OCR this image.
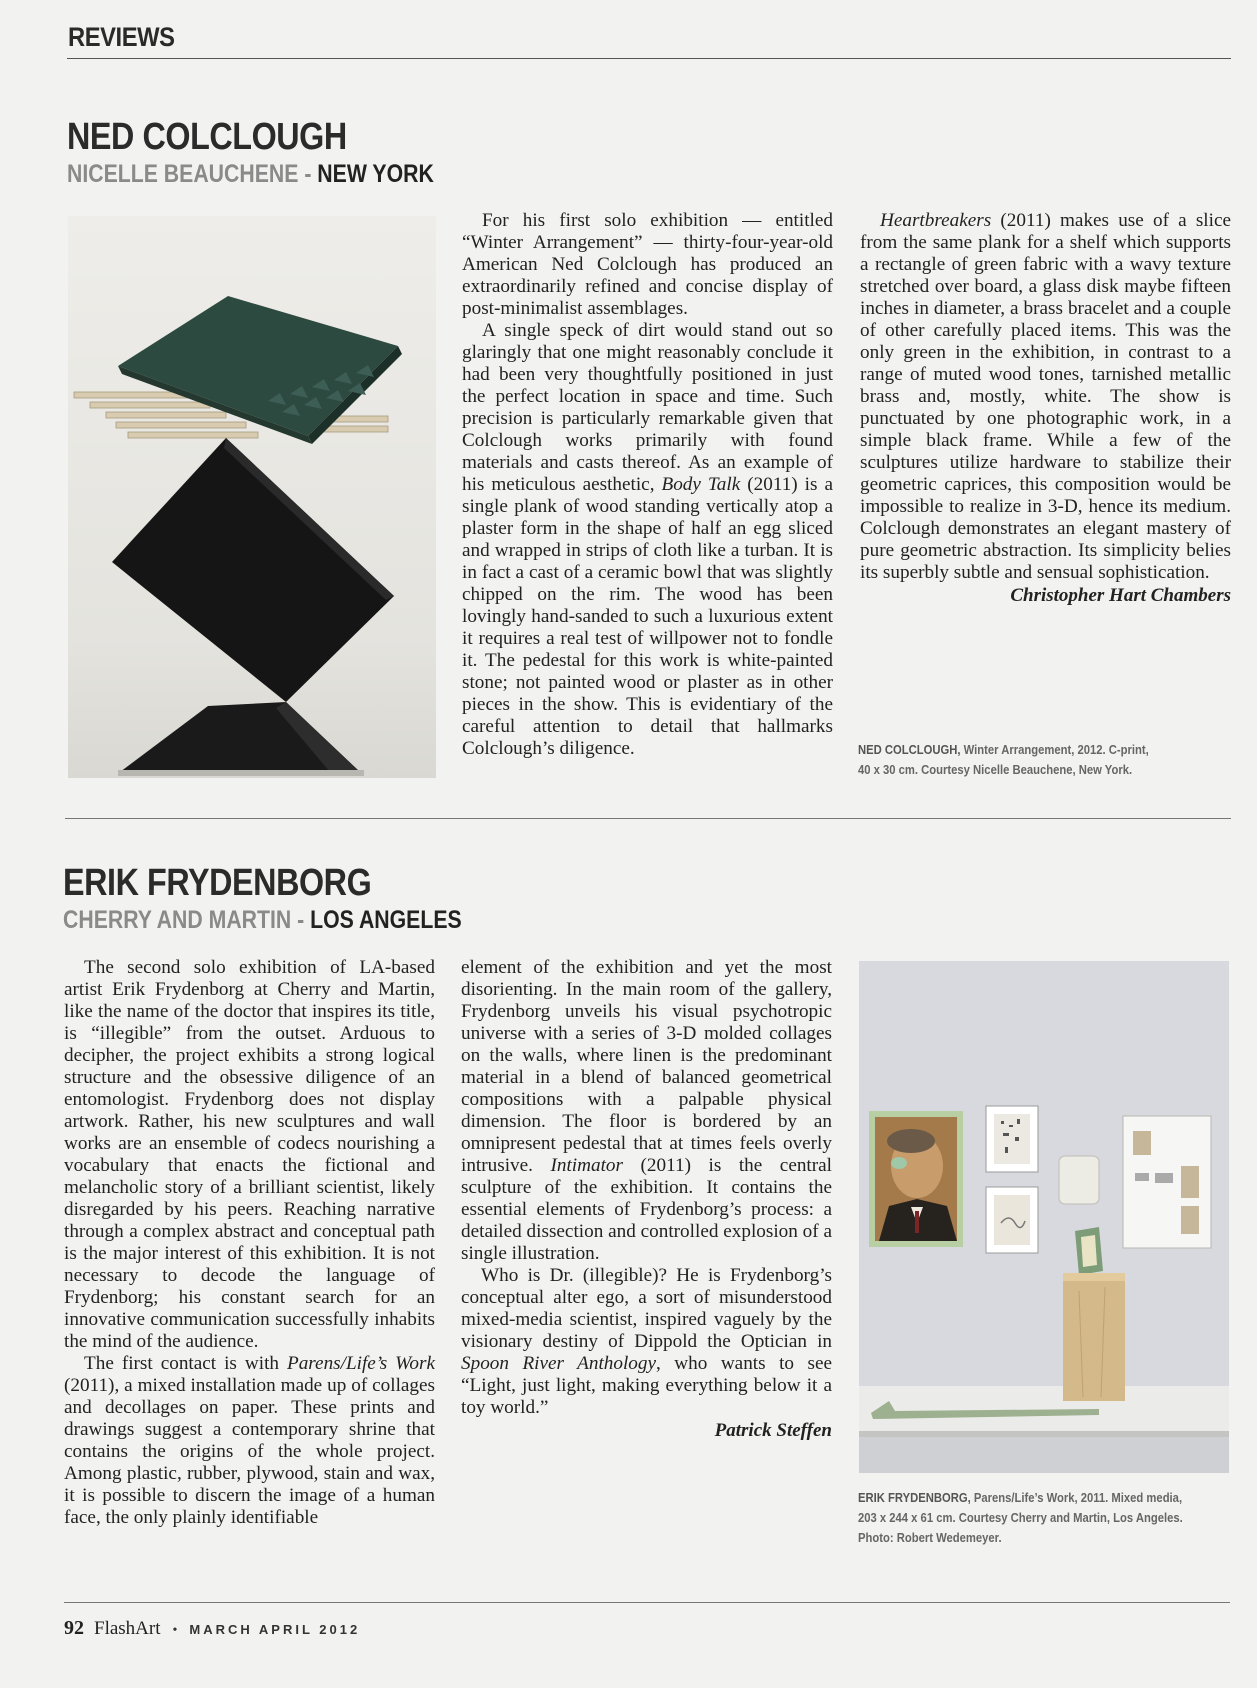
REVIEWS
NED COLCLOUGH
NICELLE BEAUCHENE - NEW YORK

For his first solo exhibition — entitled “Winter Arrangement” — thirty-four-year-old American Ned Colclough has produced an extraordinarily refined and concise display of post-minimalist assemblages.

A single speck of dirt would stand out so glaringly that one might reasonably conclude it had been very thoughtfully positioned in just the perfect location in space and time. Such precision is particularly remarkable given that Colclough works primarily with found materials and casts thereof. As an example of his meticulous aesthetic, Body Talk (2011) is a single plank of wood standing vertically atop a plaster form in the shape of half an egg sliced and wrapped in strips of cloth like a turban. It is in fact a cast of a ceramic bowl that was slightly chipped on the rim. The wood has been lovingly hand-sanded to such a luxurious extent it requires a real test of willpower not to fondle it. The pedestal for this work is white-painted stone; not painted wood or plaster as in other pieces in the show. This is evidentiary of the careful attention to detail that hallmarks Colclough’s diligence.

Heartbreakers (2011) makes use of a slice from the same plank for a shelf which supports a rectangle of green fabric with a wavy texture stretched over board, a glass disk maybe fifteen inches in diameter, a brass bracelet and a couple of other carefully placed items. This was the only green in the exhibition, in contrast to a range of muted wood tones, tarnished metallic brass and, mostly, white. The show is punctuated by one photographic work, in a simple black frame. While a few of the sculptures utilize hardware to stabilize their geometric caprices, this composition would be impossible to realize in 3-D, hence its medium. Colclough demonstrates an elegant mastery of pure geometric abstraction. Its simplicity belies its superbly subtle and sensual sophistication.

Christopher Hart Chambers
NED COLCLOUGH, Winter Arrangement, 2012. C-print,
40 x 30 cm. Courtesy Nicelle Beauchene, New York.
ERIK FRYDENBORG
CHERRY AND MARTIN - LOS ANGELES

The second solo exhibition of LA-based artist Erik Frydenborg at Cherry and Martin, like the name of the doctor that inspires its title, is “illegible” from the outset. Arduous to decipher, the project exhibits a strong logical structure and the obsessive diligence of an entomologist. Frydenborg does not display artwork. Rather, his new sculptures and wall works are an ensemble of codecs nourishing a vocabulary that enacts the fictional and melancholic story of a brilliant scientist, likely disregarded by his peers. Reaching narrative through a complex abstract and conceptual path is the major interest of this exhibition. It is not necessary to decode the language of Frydenborg; his constant search for an innovative communication successfully inhabits the mind of the audience.

The first contact is with Parens/Life’s Work (2011), a mixed installation made up of collages and decollages on paper. These prints and drawings suggest a contemporary shrine that contains the origins of the whole project. Among plastic, rubber, plywood, stain and wax, it is possible to discern the image of a human face, the only plainly identifiable

element of the exhibition and yet the most disorienting. In the main room of the gallery, Frydenborg unveils his visual psychotropic universe with a series of 3-D molded collages on the walls, where linen is the predominant material in a blend of balanced geometrical compositions with a palpable physical dimension. The floor is bordered by an omnipresent pedestal that at times feels overly intrusive. Intimator (2011) is the central sculpture of the exhibition. It contains the essential elements of Frydenborg’s process: a detailed dissection and controlled explosion of a single illustration.

Who is Dr. (illegible)? He is Frydenborg’s conceptual alter ego, a sort of misunderstood mixed-media scientist, inspired vaguely by the visionary destiny of Dippold the Optician in Spoon River Anthology, who wants to see “Light, just light, making everything below it a toy world.”

Patrick Steffen
ERIK FRYDENBORG, Parens/Life’s Work, 2011. Mixed media,
203 x 244 x 61 cm. Courtesy Cherry and Martin, Los Angeles.
Photo: Robert Wedemeyer.
92 FlashArt • MARCH APRIL 2012
